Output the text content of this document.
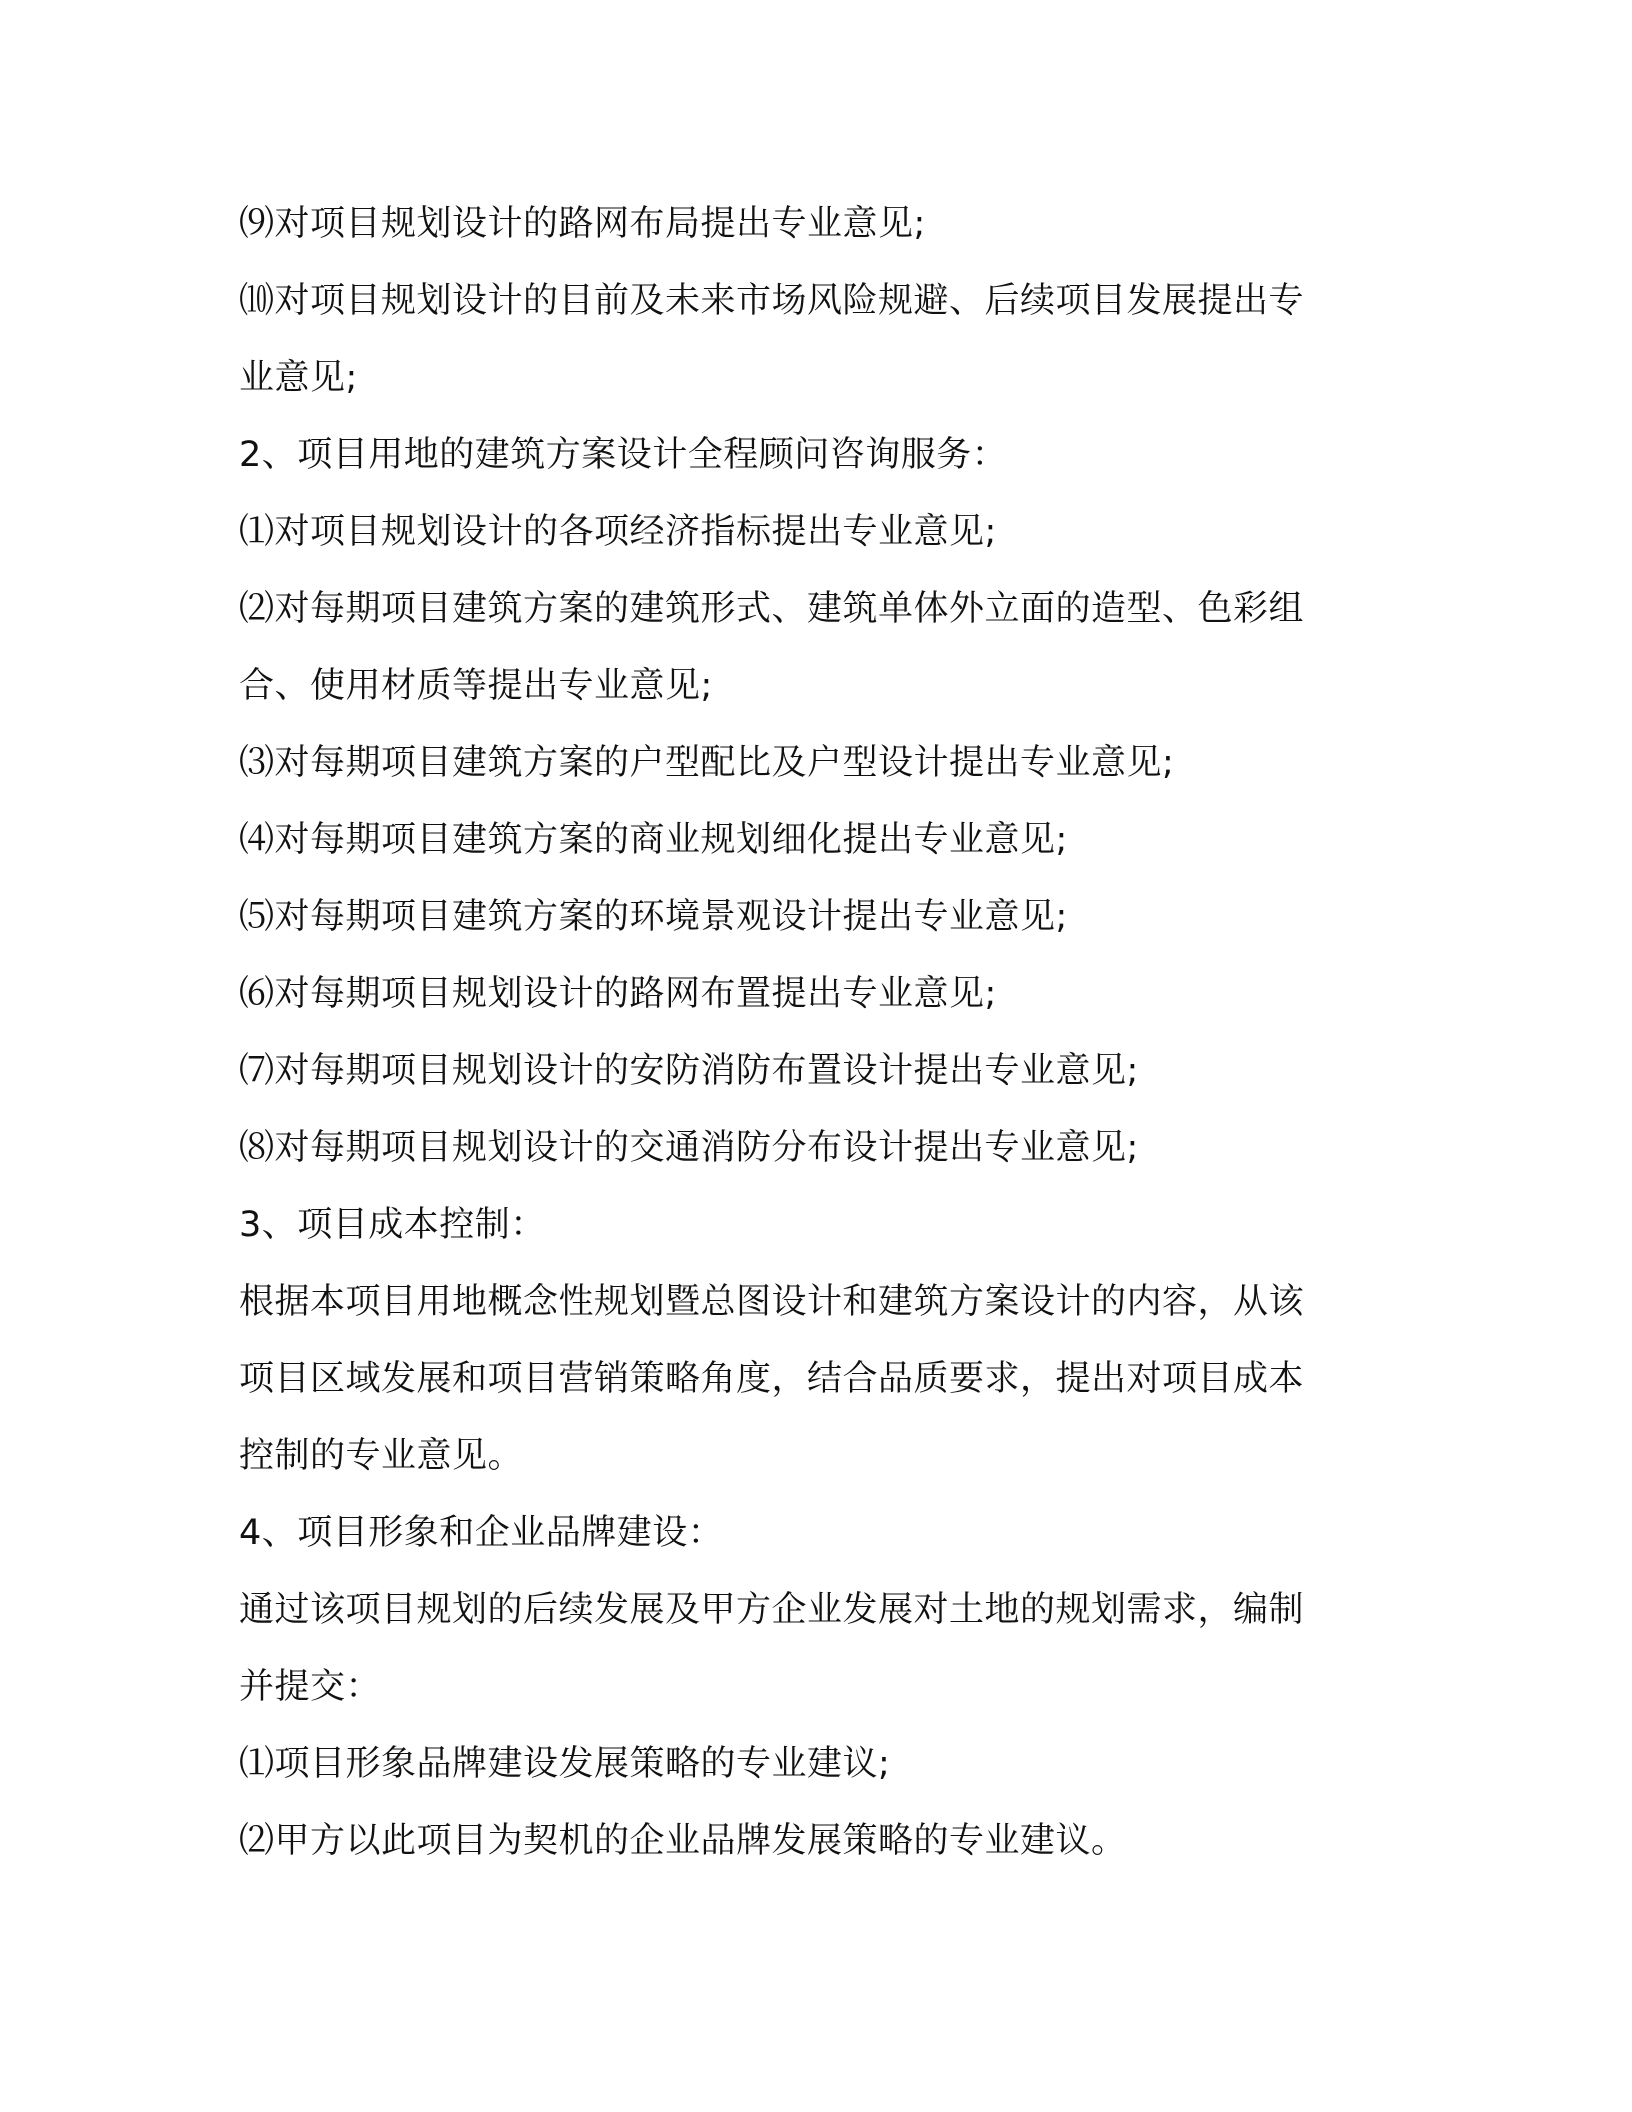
⑼对项目规划设计的路网布局提出专业意见;
⑽对项目规划设计的目前及未来市场风险规避、后续项目发展提出专
业意见;
2、项目用地的建筑方案设计全程顾问咨询服务：
⑴对项目规划设计的各项经济指标提出专业意见;
⑵对每期项目建筑方案的建筑形式、建筑单体外立面的造型、色彩组
合、使用材质等提出专业意见;
⑶对每期项目建筑方案的户型配比及户型设计提出专业意见;
⑷对每期项目建筑方案的商业规划细化提出专业意见;
⑸对每期项目建筑方案的环境景观设计提出专业意见;
⑹对每期项目规划设计的路网布置提出专业意见;
⑺对每期项目规划设计的安防消防布置设计提出专业意见;
⑻对每期项目规划设计的交通消防分布设计提出专业意见;
3、项目成本控制：
根据本项目用地概念性规划暨总图设计和建筑方案设计的内容，从该
项目区域发展和项目营销策略角度，结合品质要求，提出对项目成本
控制的专业意见。
4、项目形象和企业品牌建设：
通过该项目规划的后续发展及甲方企业发展对土地的规划需求，编制
并提交：
⑴项目形象品牌建设发展策略的专业建议;
⑵甲方以此项目为契机的企业品牌发展策略的专业建议。
